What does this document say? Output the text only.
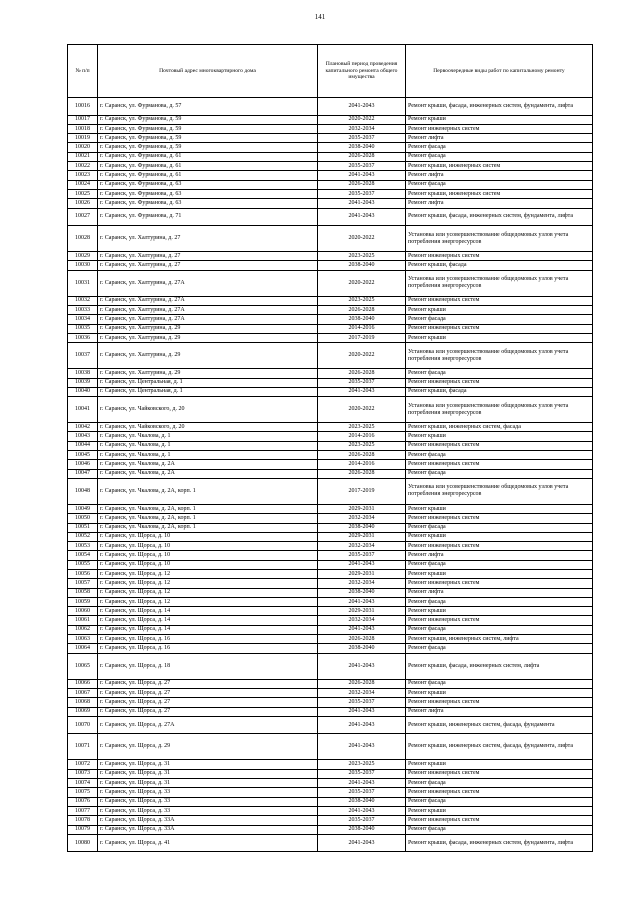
141
№ п/п	Почтовый адрес многоквартирного дома	Плановый период проведения капитального ремонта общего имущества	Первоочередные виды работ по капитальному ремонту
10016	г. Саранск, ул. Фурманова, д. 57	2041-2043	Ремонт крыши, фасада, инженерных систем, фундамента, лифта
10017	г. Саранск, ул. Фурманова, д. 59	2020-2022	Ремонт крыши
10018	г. Саранск, ул. Фурманова, д. 59	2032-2034	Ремонт инженерных систем
10019	г. Саранск, ул. Фурманова, д. 59	2035-2037	Ремонт лифта
10020	г. Саранск, ул. Фурманова, д. 59	2038-2040	Ремонт фасада
10021	г. Саранск, ул. Фурманова, д. 61	2026-2028	Ремонт фасада
10022	г. Саранск, ул. Фурманова, д. 61	2035-2037	Ремонт крыши, инженерных систем
10023	г. Саранск, ул. Фурманова, д. 61	2041-2043	Ремонт лифта
10024	г. Саранск, ул. Фурманова, д. 63	2026-2028	Ремонт фасада
10025	г. Саранск, ул. Фурманова, д. 63	2035-2037	Ремонт крыши, инженерных систем
10026	г. Саранск, ул. Фурманова, д. 63	2041-2043	Ремонт лифта
10027	г. Саранск, ул. Фурманова, д. 71	2041-2043	Ремонт крыши, фасада, инженерных систем, фундамента, лифта
10028	г. Саранск, ул. Халтурина, д. 27	2020-2022	Установка или усовершенствование общедомовых узлов учета потребления энергоресурсов
10029	г. Саранск, ул. Халтурина, д. 27	2023-2025	Ремонт инженерных систем
10030	г. Саранск, ул. Халтурина, д. 27	2038-2040	Ремонт крыши, фасада
10031	г. Саранск, ул. Халтурина, д. 27А	2020-2022	Установка или усовершенствование общедомовых узлов учета потребления энергоресурсов
10032	г. Саранск, ул. Халтурина, д. 27А	2023-2025	Ремонт инженерных систем
10033	г. Саранск, ул. Халтурина, д. 27А	2026-2028	Ремонт крыши
10034	г. Саранск, ул. Халтурина, д. 27А	2038-2040	Ремонт фасада
10035	г. Саранск, ул. Халтурина, д. 29	2014-2016	Ремонт инженерных систем
10036	г. Саранск, ул. Халтурина, д. 29	2017-2019	Ремонт крыши
10037	г. Саранск, ул. Халтурина, д. 29	2020-2022	Установка или усовершенствование общедомовых узлов учета потребления энергоресурсов
10038	г. Саранск, ул. Халтурина, д. 29	2026-2028	Ремонт фасада
10039	г. Саранск, ул. Центральная, д. 1	2035-2037	Ремонт инженерных систем
10040	г. Саранск, ул. Центральная, д. 1	2041-2043	Ремонт крыши, фасада
10041	г. Саранск, ул. Чайковского, д. 20	2020-2022	Установка или усовершенствование общедомовых узлов учета потребления энергоресурсов
10042	г. Саранск, ул. Чайковского, д. 20	2023-2025	Ремонт крыши, инженерных систем, фасада
10043	г. Саранск, ул. Чкалова, д. 1	2014-2016	Ремонт крыши
10044	г. Саранск, ул. Чкалова, д. 1	2023-2025	Ремонт инженерных систем
10045	г. Саранск, ул. Чкалова, д. 1	2026-2028	Ремонт фасада
10046	г. Саранск, ул. Чкалова, д. 2А	2014-2016	Ремонт инженерных систем
10047	г. Саранск, ул. Чкалова, д. 2А	2026-2028	Ремонт фасада
10048	г. Саранск, ул. Чкалова, д. 2А, корп. 1	2017-2019	Установка или усовершенствование общедомовых узлов учета потребления энергоресурсов
10049	г. Саранск, ул. Чкалова, д. 2А, корп. 1	2029-2031	Ремонт крыши
10050	г. Саранск, ул. Чкалова, д. 2А, корп. 1	2032-2034	Ремонт инженерных систем
10051	г. Саранск, ул. Чкалова, д. 2А, корп. 1	2038-2040	Ремонт фасада
10052	г. Саранск, ул. Щорса, д. 10	2029-2031	Ремонт крыши
10053	г. Саранск, ул. Щорса, д. 10	2032-2034	Ремонт инженерных систем
10054	г. Саранск, ул. Щорса, д. 10	2035-2037	Ремонт лифта
10055	г. Саранск, ул. Щорса, д. 10	2041-2043	Ремонт фасада
10056	г. Саранск, ул. Щорса, д. 12	2029-2031	Ремонт крыши
10057	г. Саранск, ул. Щорса, д. 12	2032-2034	Ремонт инженерных систем
10058	г. Саранск, ул. Щорса, д. 12	2038-2040	Ремонт лифта
10059	г. Саранск, ул. Щорса, д. 12	2041-2043	Ремонт фасада
10060	г. Саранск, ул. Щорса, д. 14	2029-2031	Ремонт крыши
10061	г. Саранск, ул. Щорса, д. 14	2032-2034	Ремонт инженерных систем
10062	г. Саранск, ул. Щорса, д. 14	2041-2043	Ремонт фасада
10063	г. Саранск, ул. Щорса, д. 16	2026-2028	Ремонт крыши, инженерных систем, лифта
10064	г. Саранск, ул. Щорса, д. 16	2038-2040	Ремонт фасада
10065	г. Саранск, ул. Щорса, д. 18	2041-2043	Ремонт крыши, фасада, инженерных систем, лифта
10066	г. Саранск, ул. Щорса, д. 27	2026-2028	Ремонт фасада
10067	г. Саранск, ул. Щорса, д. 27	2032-2034	Ремонт крыши
10068	г. Саранск, ул. Щорса, д. 27	2035-2037	Ремонт инженерных систем
10069	г. Саранск, ул. Щорса, д. 27	2041-2043	Ремонт лифта
10070	г. Саранск, ул. Щорса, д. 27А	2041-2043	Ремонт крыши, инженерных систем, фасада, фундамента
10071	г. Саранск, ул. Щорса, д. 29	2041-2043	Ремонт крыши, инженерных систем, фасада, фундамента, лифта
10072	г. Саранск, ул. Щорса, д. 31	2023-2025	Ремонт крыши
10073	г. Саранск, ул. Щорса, д. 31	2035-2037	Ремонт инженерных систем
10074	г. Саранск, ул. Щорса, д. 31	2041-2043	Ремонт фасада
10075	г. Саранск, ул. Щорса, д. 33	2035-2037	Ремонт инженерных систем
10076	г. Саранск, ул. Щорса, д. 33	2038-2040	Ремонт фасада
10077	г. Саранск, ул. Щорса, д. 33	2041-2043	Ремонт крыши
10078	г. Саранск, ул. Щорса, д. 33А	2035-2037	Ремонт инженерных систем
10079	г. Саранск, ул. Щорса, д. 33А	2038-2040	Ремонт фасада
10080	г. Саранск, ул. Щорса, д. 41	2041-2043	Ремонт крыши, фасада, инженерных систем, фундамента, лифта
